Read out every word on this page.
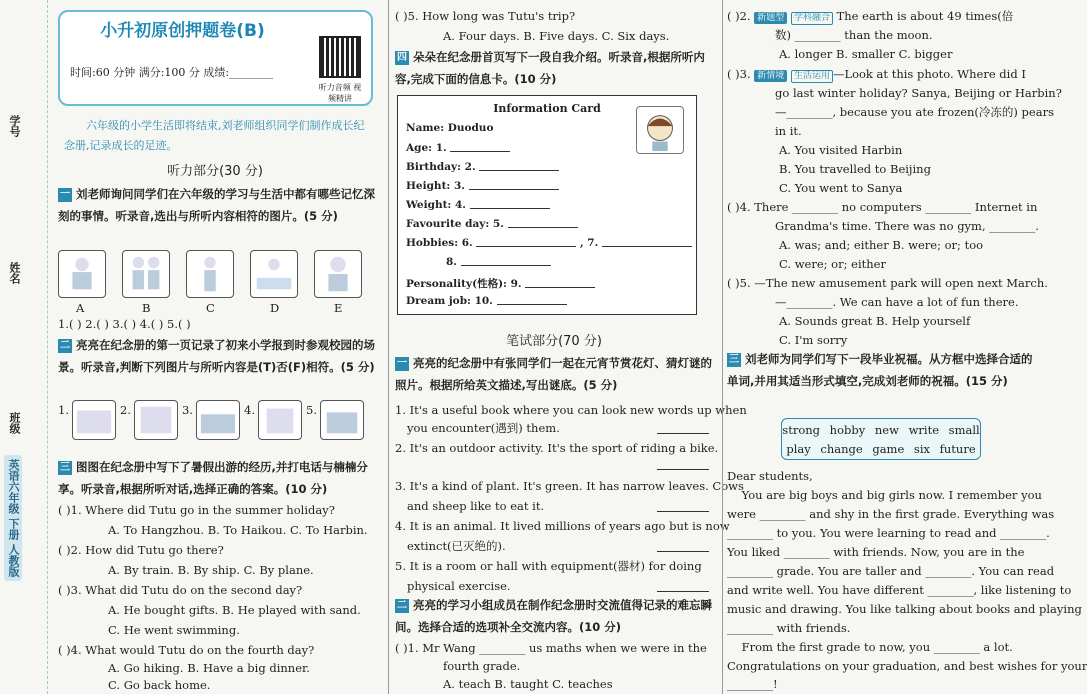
学号
姓名
班级
英语六年级 下册 人教版
小升初原创押题卷(B)
时间:60 分钟 满分:100 分 成绩:________
听力音频 视频精讲
六年级的小学生活即将结束,刘老师组织同学们制作成长纪念册,记录成长的足迹。
听力部分(30 分)
一 刘老师询问同学们在六年级的学习与生活中都有哪些记忆深刻的事情。听录音,选出与所听内容相符的图片。(5 分)
A	B	C	D	E
1.( ) 2.( ) 3.( ) 4.( ) 5.( )
二 亮亮在纪念册的第一页记录了初来小学报到时参观校园的场景。听录音,判断下列图片与所听内容是(T)否(F)相符。(5 分)
1.	2.	3.	4.	5.
三 图图在纪念册中写下了暑假出游的经历,并打电话与楠楠分享。听录音,根据所听对话,选择正确的答案。(10 分)
( )1. Where did Tutu go in the summer holiday?
A. To Hangzhou. B. To Haikou. C. To Harbin.
( )2. How did Tutu go there?
A. By train. B. By ship. C. By plane.
( )3. What did Tutu do on the second day?
A. He bought gifts. B. He played with sand.
C. He went swimming.
( )4. What would Tutu do on the fourth day?
A. Go hiking. B. Have a big dinner.
C. Go back home.
( )5. How long was Tutu's trip?
A. Four days. B. Five days. C. Six days.
四 朵朵在纪念册首页写下一段自我介绍。听录音,根据所听内容,完成下面的信息卡。(10 分)
Information Card
Name: Duoduo
Age: 1.
Birthday: 2.
Height: 3.
Weight: 4.
Favourite day: 5.
Hobbies: 6.	, 7.
8.
Personality(性格): 9.
Dream job: 10.
笔试部分(70 分)
一 亮亮的纪念册中有张同学们一起在元宵节赏花灯、猜灯谜的照片。根据所给英文描述,写出谜底。(5 分)
1. It's a useful book where you can look new words up when
you encounter(遇到) them.
2. It's an outdoor activity. It's the sport of riding a bike.
3. It's a kind of plant. It's green. It has narrow leaves. Cows
and sheep like to eat it.
4. It is an animal. It lived millions of years ago but is now
extinct(已灭绝的).
5. It is a room or hall with equipment(器材) for doing
physical exercise.
二 亮亮的学习小组成员在制作纪念册时交流值得记录的难忘瞬间。选择合适的选项补全交流内容。(10 分)
( )1. Mr Wang ________ us maths when we were in the
fourth grade.
A. teach B. taught C. teaches
( )2. 新题型 学科融合 The earth is about 49 times(倍
数) ________ than the moon.
A. longer B. smaller C. bigger
( )3. 新情境 生活运用 —Look at this photo. Where did I
go last winter holiday? Sanya, Beijing or Harbin?
—________, because you ate frozen(冷冻的) pears
in it.
A. You visited Harbin
B. You travelled to Beijing
C. You went to Sanya
( )4. There ________ no computers ________ Internet in
Grandma's time. There was no gym, ________.
A. was; and; either B. were; or; too
C. were; or; either
( )5. —The new amusement park will open next March.
—________. We can have a lot of fun there.
A. Sounds great B. Help yourself
C. I'm sorry
三 刘老师为同学们写下一段毕业祝福。从方框中选择合适的单词,并用其适当形式填空,完成刘老师的祝福。(15 分)
strong hobby new write small play change game six future
Dear students,
You are big boys and big girls now. I remember you
were ________ and shy in the first grade. Everything was
________ to you. You were learning to read and ________.
You liked ________ with friends. Now, you are in the
________ grade. You are taller and ________. You can read
and write well. You have different ________, like listening to
music and drawing. You like talking about books and playing
________ with friends.
From the first grade to now, you ________ a lot.
Congratulations on your graduation, and best wishes for your
________!
